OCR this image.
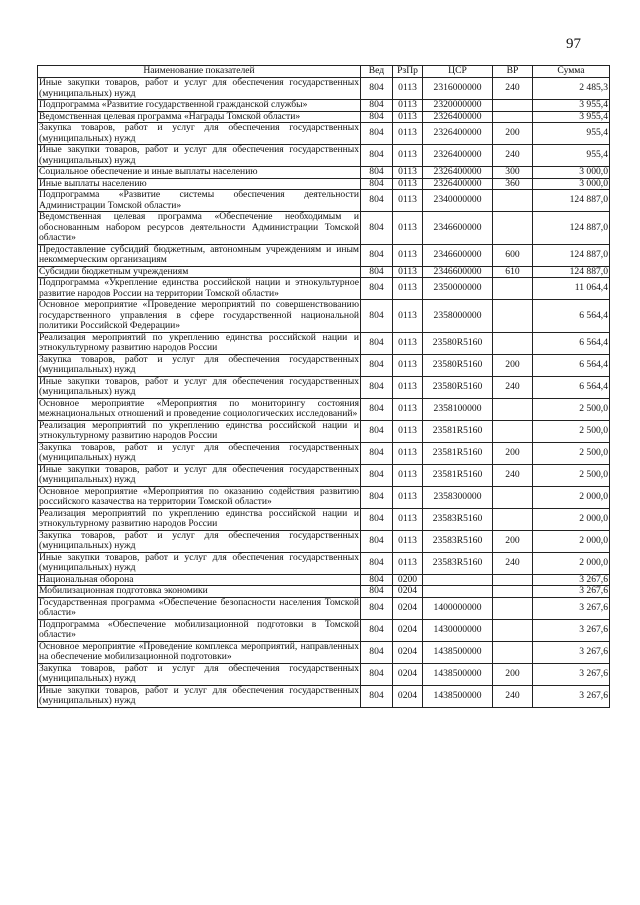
97
Наименование показателей	Вед	РзПр	ЦСР	ВР	Сумма
Иные закупки товаров, работ и услуг для обеспечения государственных (муниципальных) нужд	804	0113	2316000000	240	2 485,3
Подпрограмма «Развитие государственной гражданской службы»	804	0113	2320000000		3 955,4
Ведомственная целевая программа «Награды Томской области»	804	0113	2326400000		3 955,4
Закупка товаров, работ и услуг для обеспечения государственных (муниципальных) нужд	804	0113	2326400000	200	955,4
Иные закупки товаров, работ и услуг для обеспечения государственных (муниципальных) нужд	804	0113	2326400000	240	955,4
Социальное обеспечение и иные выплаты населению	804	0113	2326400000	300	3 000,0
Иные выплаты населению	804	0113	2326400000	360	3 000,0
Подпрограмма «Развитие системы обеспечения деятельности Администрации Томской области»	804	0113	2340000000		124 887,0
Ведомственная целевая программа «Обеспечение необходимым и обоснованным набором ресурсов деятельности Администрации Томской области»	804	0113	2346600000		124 887,0
Предоставление субсидий бюджетным, автономным учреждениям и иным некоммерческим организациям	804	0113	2346600000	600	124 887,0
Субсидии бюджетным учреждениям	804	0113	2346600000	610	124 887,0
Подпрограмма «Укрепление единства российской нации и этнокультурное развитие народов России на территории Томской области»	804	0113	2350000000		11 064,4
Основное мероприятие «Проведение мероприятий по совершенствованию государственного управления в сфере государственной национальной политики Российской Федерации»	804	0113	2358000000		6 564,4
Реализация мероприятий по укреплению единства российской нации и этнокультурному развитию народов России	804	0113	23580R5160		6 564,4
Закупка товаров, работ и услуг для обеспечения государственных (муниципальных) нужд	804	0113	23580R5160	200	6 564,4
Иные закупки товаров, работ и услуг для обеспечения государственных (муниципальных) нужд	804	0113	23580R5160	240	6 564,4
Основное мероприятие «Мероприятия по мониторингу состояния межнациональных отношений и проведение социологических исследований»	804	0113	2358100000		2 500,0
Реализация мероприятий по укреплению единства российской нации и этнокультурному развитию народов России	804	0113	23581R5160		2 500,0
Закупка товаров, работ и услуг для обеспечения государственных (муниципальных) нужд	804	0113	23581R5160	200	2 500,0
Иные закупки товаров, работ и услуг для обеспечения государственных (муниципальных) нужд	804	0113	23581R5160	240	2 500,0
Основное мероприятие «Мероприятия по оказанию содействия развитию российского казачества на территории Томской области»	804	0113	2358300000		2 000,0
Реализация мероприятий по укреплению единства российской нации и этнокультурному развитию народов России	804	0113	23583R5160		2 000,0
Закупка товаров, работ и услуг для обеспечения государственных (муниципальных) нужд	804	0113	23583R5160	200	2 000,0
Иные закупки товаров, работ и услуг для обеспечения государственных (муниципальных) нужд	804	0113	23583R5160	240	2 000,0
Национальная оборона	804	0200			3 267,6
Мобилизационная подготовка экономики	804	0204			3 267,6
Государственная программа «Обеспечение безопасности населения Томской области»	804	0204	1400000000		3 267,6
Подпрограмма «Обеспечение мобилизационной подготовки в Томской области»	804	0204	1430000000		3 267,6
Основное мероприятие «Проведение комплекса мероприятий, направленных на обеспечение мобилизационной подготовки»	804	0204	1438500000		3 267,6
Закупка товаров, работ и услуг для обеспечения государственных (муниципальных) нужд	804	0204	1438500000	200	3 267,6
Иные закупки товаров, работ и услуг для обеспечения государственных (муниципальных) нужд	804	0204	1438500000	240	3 267,6
